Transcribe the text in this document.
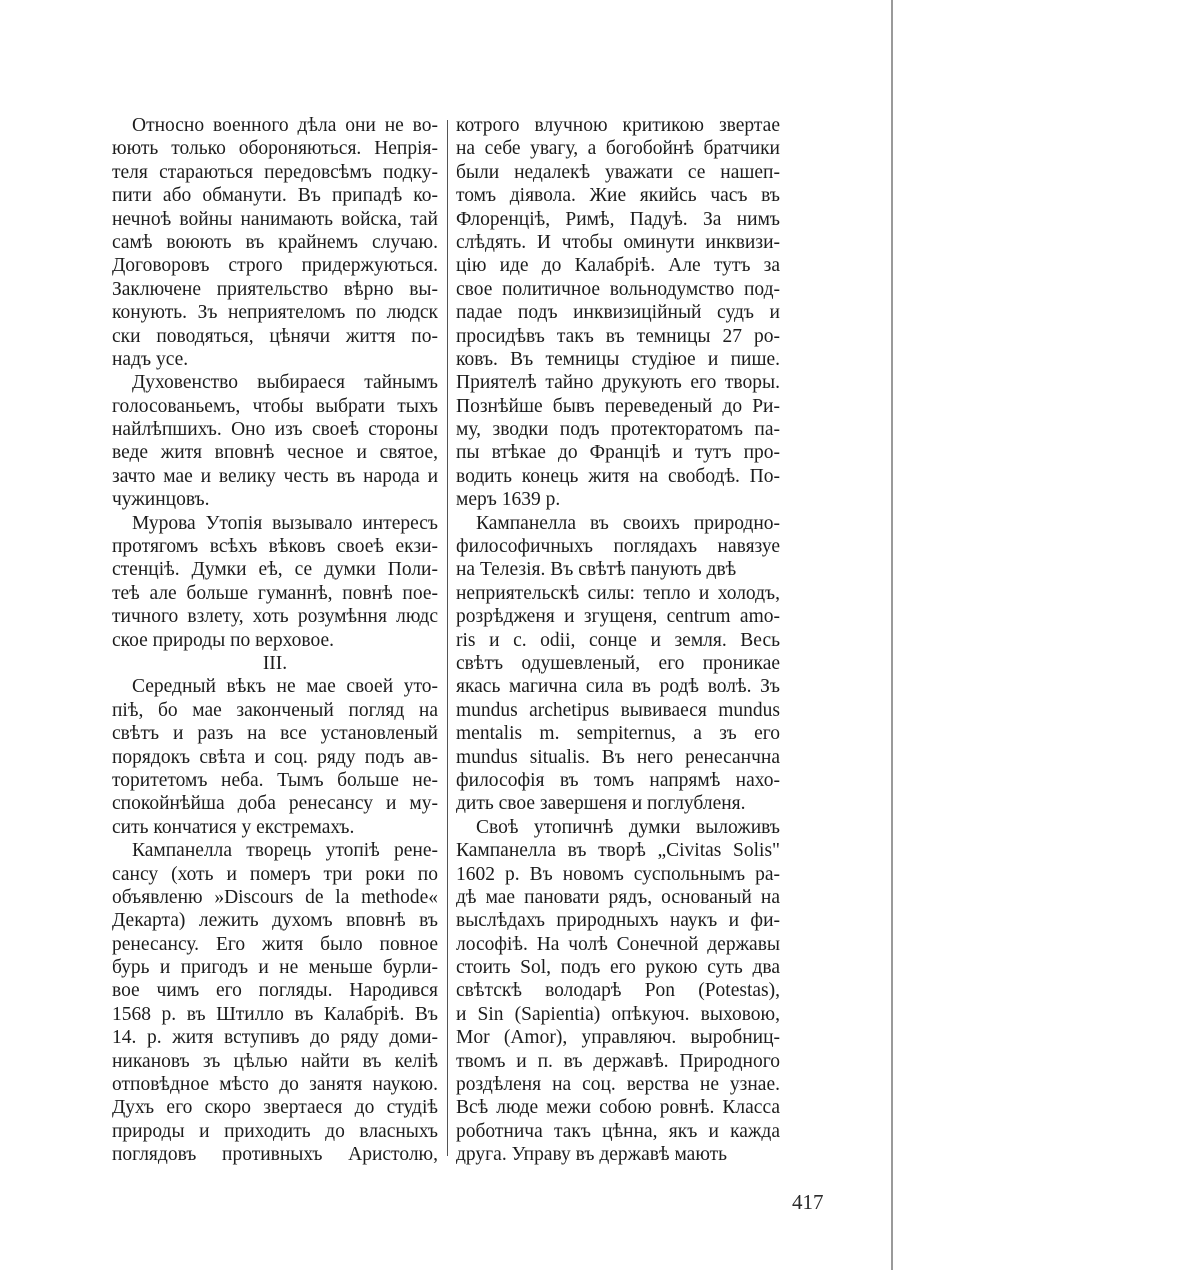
Относно военного дѣла они не во-
юють только обороняються. Непрія-
теля стараються передовсѣмъ подку-
пити або обманути. Въ припадѣ ко-
нечноѣ войны нанимають войска, тай
самѣ воюють въ крайнемъ случаю.
Договоровъ строго придержуються.
Заключене приятельство вѣрно вы-
конують. Зъ неприятеломъ по людск
ски поводяться, цѣнячи життя по-
надъ усе.
Духовенство выбираеся тайнымъ
голосованьемъ, чтобы выбрати тыхъ
найлѣпшихъ. Оно изъ своеѣ стороны
веде житя вповнѣ чесное и святое,
зачто мае и велику честь въ народа и
чужинцовъ.
Мурова Утопія вызывало интересъ
протягомъ всѣхъ вѣковъ своеѣ екзи-
стенціѣ. Думки еѣ, се думки Поли-
теѣ але больше гуманнѣ, повнѣ пое-
тичного взлету, хоть розумѣння людс
ское природы по верховое.
III.
Середный вѣкъ не мае своей уто-
піѣ, бо мае законченый погляд на
свѣтъ и разъ на все установленый
порядокъ свѣта и соц. ряду подъ ав-
торитетомъ неба. Тымъ больше не-
спокойнѣйша доба ренесансу и му-
сить кончатися у екстремахъ.
Кампанелла творець утопіѣ рене-
сансу (хоть и померъ три роки по
объявленю »Discours de la methode«
Декарта) лежить духомъ вповнѣ въ
ренесансу. Его житя было повное
бурь и пригодъ и не меньше бурли-
вое чимъ его погляды. Народився
1568 р. въ Штилло въ Калабріѣ. Въ
14. р. житя вступивъ до ряду доми-
никановъ зъ цѣлью найти въ келіѣ
отповѣдное мѣсто до занятя наукою.
Духъ его скоро звертаеся до студіѣ
природы и приходить до власныхъ
поглядовъ противныхъ Аристолю,
котрого влучною критикою звертае
на себе увагу, а богобойнѣ братчики
были недалекѣ уважати се нашеп-
томъ діявола. Жие якийсь часъ въ
Флоренціѣ, Римѣ, Падуѣ. За нимъ
слѣдять. И чтобы оминути инквизи-
цію иде до Калабріѣ. Але тутъ за
свое политичное вольнодумство под-
падае подъ инквизиційный судъ и
просидѣвъ такъ въ темницы 27 ро-
ковъ. Въ темницы студіюе и пише.
Приятелѣ тайно друкують его творы.
Познѣйше бывъ переведеный до Ри-
му, зводки подъ протекторатомъ па-
пы втѣкае до Франціѣ и тутъ про-
водить конець житя на свободѣ. По-
меръ 1639 р.
Кампанелла въ своихъ природно-
философичныхъ поглядахъ навязуе
на Телезія. Въ свѣтѣ панують двѣ
неприятельскѣ силы: тепло и холодъ,
розрѣдженя и згущеня, centrum amo-
ris и с. odii, сонце и земля. Весь
свѣтъ одушевленый, его проникае
якась магична сила въ родѣ волѣ. Зъ
mundus archetipus вывиваеся mundus
mentalis m. sempiternus, а зъ его
mundus situalis. Въ него ренесанчна
философія въ томъ напрямѣ нахо-
дить свое завершеня и поглубленя.
Своѣ утопичнѣ думки выложивъ
Кампанелла въ творѣ „Civitas Solis"
1602 р. Въ новомъ суспольнымъ ра-
дѣ мае пановати рядъ, основаный на
выслѣдахъ природныхъ наукъ и фи-
лософіѣ. На чолѣ Сонечной державы
стоить Sol, подъ его рукою суть два
свѣтскѣ володарѣ Pon (Potestas),
и Sin (Sapientia) опѣкуюч. выховою,
Mor (Amor), управляюч. выробниц-
твомъ и п. въ державѣ. Природного
роздѣленя на соц. верства не узнае.
Всѣ люде межи собою ровнѣ. Класса
роботнича такъ цѣнна, якъ и кажда
друга. Управу въ державѣ мають
417
